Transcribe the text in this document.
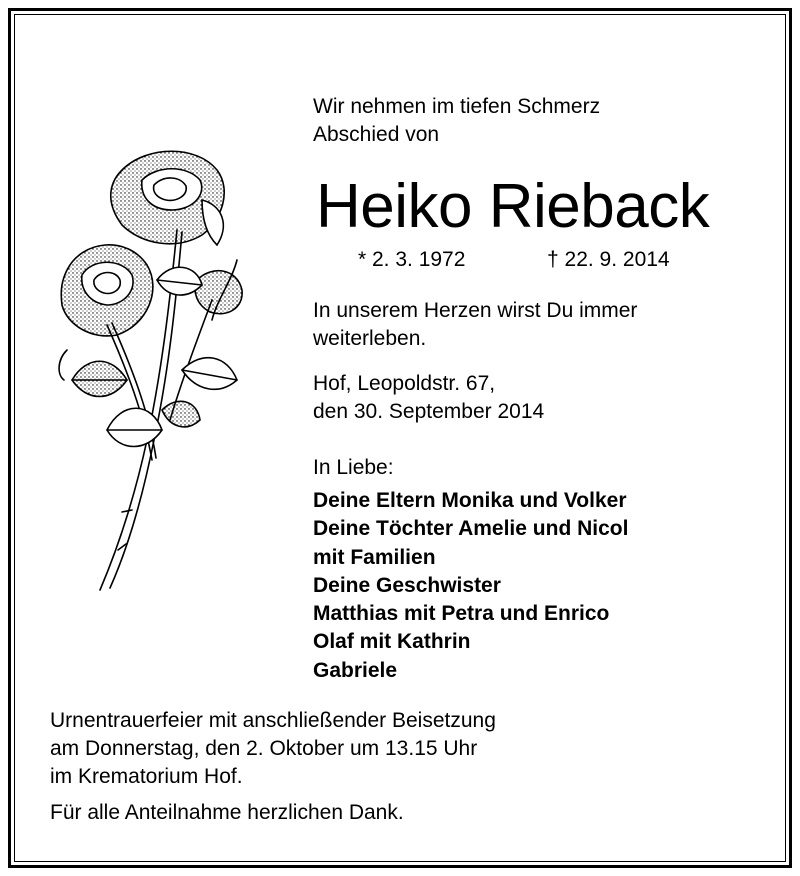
Wir nehmen im tiefen Schmerz
Abschied von
Heiko Rieback
* 2. 3. 1972	† 22. 9. 2014
In unserem Herzen wirst Du immer
weiterleben.
Hof, Leopoldstr. 67,
den 30. September 2014
In Liebe:
Deine Eltern Monika und Volker
Deine Töchter Amelie und Nicol
mit Familien
Deine Geschwister
Matthias mit Petra und Enrico
Olaf mit Kathrin
Gabriele
Urnentrauerfeier mit anschließender Beisetzung
am Donnerstag, den 2. Oktober um 13.15 Uhr
im Krematorium Hof.
Für alle Anteilnahme herzlichen Dank.
